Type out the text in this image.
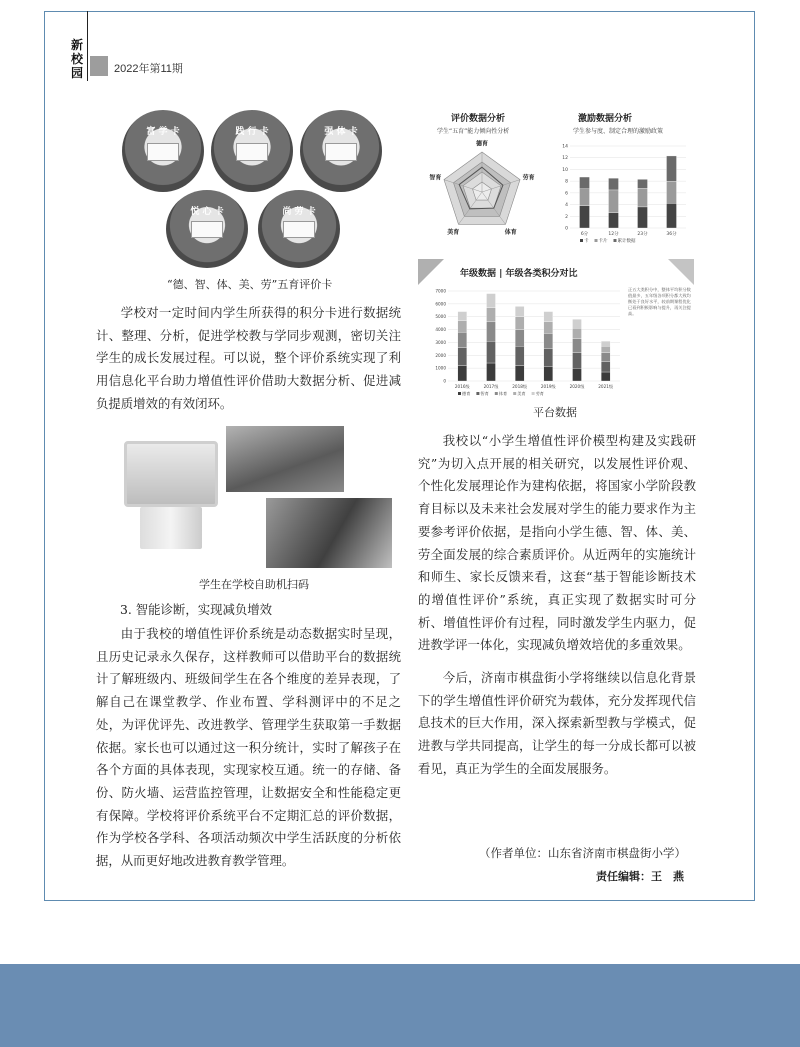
新
校
园	2022年第11期
富 学 卡	践 行 卡	强 体 卡
悦 心 卡	尚 劳 卡
“德、智、体、美、劳”五育评价卡

学校对一定时间内学生所获得的积分卡进行数据统计、整理、分析，促进学校教与学同步观测，密切关注学生的成长发展过程。可以说，整个评价系统实现了利用信息化平台助力增值性评价借助大数据分析、促进减负提质增效的有效闭环。

学生在学校自助机扫码
3. 智能诊断，实现减负增效

由于我校的增值性评价系统是动态数据实时呈现，且历史记录永久保存，这样教师可以借助平台的数据统计了解班级内、班级间学生在各个维度的差异表现，了解自己在课堂教学、作业布置、学科测评中的不足之处，为评优评先、改进教学、管理学生获取第一手数据依据。家长也可以通过这一积分统计，实时了解孩子在各个方面的具体表现，实现家校互通。统一的存储、备份、防火墙、运营监控管理，让数据安全和性能稳定更有保障。学校将评价系统平台不定期汇总的评价数据，作为学校各学科、各项活动频次中学生活跃度的分析依据，从而更好地改进教育教学管理。

评价数据分析
学生“五育”能力倾向性分析
德育
劳育
体育
美育
智育
激励数据分析
学生参与度、制定合理的激励政策
0
2
4
6
8
10
12
14
6分	12分	23分	36分
卡 卡片 累计数据
年级数据 | 年级各类积分对比
0
1000
2000
3000
4000
5000
6000
7000
2016级	2017级	2018级	2019级	2020级	2021级
德育 智育 体育 美育 劳育
正五大类积分中，整体平均积分数值最多，五年级各项积分都大致均衡处于良好水平，较前期课程优化已看到积极影响与提升，再关注提高。
平台数据

我校以“小学生增值性评价模型构建及实践研究”为切入点开展的相关研究，以发展性评价观、个性化发展理论作为建构依据，将国家小学阶段教育目标以及未来社会发展对学生的能力要求作为主要参考评价依据，是指向小学生德、智、体、美、劳全面发展的综合素质评价。从近两年的实施统计和师生、家长反馈来看，这套“基于智能诊断技术的增值性评价”系统，真正实现了数据实时可分析、增值性评价有过程，同时激发学生内驱力，促进教学评一体化，实现减负增效培优的多重效果。

今后，济南市棋盘街小学将继续以信息化背景下的学生增值性评价研究为载体，充分发挥现代信息技术的巨大作用，深入探索新型教与学模式，促进教与学共同提高，让学生的每一分成长都可以被看见，真正为学生的全面发展服务。

（作者单位：山东省济南市棋盘街小学）
责任编辑：王　燕
